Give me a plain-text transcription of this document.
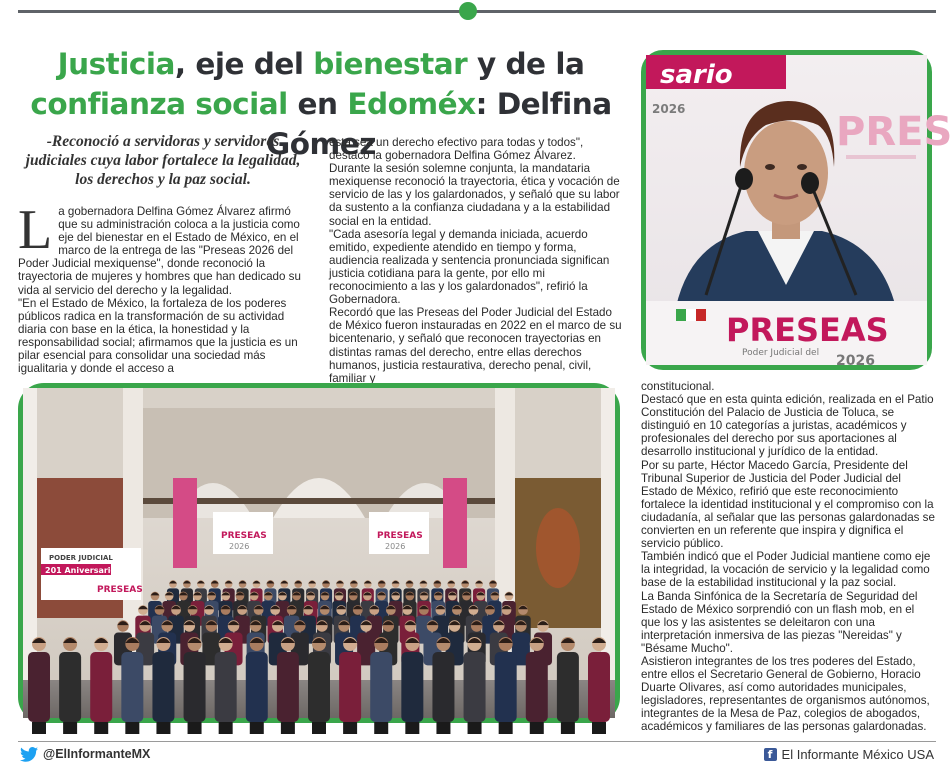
Justicia, eje del bienestar y de la
confianza social en Edoméx: Delfina Gómez
-Reconoció a servidoras y servidores judiciales cuya labor fortalece la legalidad, los derechos y la paz social.
L a gobernadora Delfina Gómez Álvarez afirmó que su administración coloca a la justicia como eje del bienestar en el Estado de México, en el marco de la entrega de las "Preseas 2026 del Poder Judicial mexiquense", donde reconoció la trayectoria de mujeres y hombres que han dedicado su vida al servicio del derecho y la legalidad.

"En el Estado de México, la fortaleza de los poderes públicos radica en la transformación de su actividad diaria con base en la ética, la honestidad y la responsabilidad social; afirmamos que la justicia es un pilar esencial para consolidar una sociedad más igualitaria y donde el acceso a

esta sea un derecho efectivo para todas y todos", destacó la gobernadora Delfina Gómez Álvarez.

Durante la sesión solemne conjunta, la mandataria mexiquense reconoció la trayectoria, ética y vocación de servicio de las y los galardonados, y señaló que su labor da sustento a la confianza ciudadana y a la estabilidad social en la entidad.

"Cada asesoría legal y demanda iniciada, acuerdo emitido, expediente atendido en tiempo y forma, audiencia realizada y sentencia pronunciada significan justicia cotidiana para la gente, por ello mi reconocimiento a las y los galardonados", refirió la Gobernadora.

Recordó que las Preseas del Poder Judicial del Estado de México fueron instauradas en 2022 en el marco de su bicentenario, y señaló que reconocen trayectorias en distintas ramas del derecho, entre ellas derechos humanos, justicia restaurativa, derecho penal, civil, familiar y

constitucional.

Destacó que en esta quinta edición, realizada en el Patio Constitución del Palacio de Justicia de Toluca, se distinguió en 10 categorías a juristas, académicos y profesionales del derecho por sus aportaciones al desarrollo institucional y jurídico de la entidad.

Por su parte, Héctor Macedo García, Presidente del Tribunal Superior de Justicia del Poder Judicial del Estado de México, refirió que este reconocimiento fortalece la identidad institucional y el compromiso con la ciudadanía, al señalar que las personas galardonadas se convierten en un referente que inspira y dignifica el servicio público.

También indicó que el Poder Judicial mantiene como eje la integridad, la vocación de servicio y la legalidad como base de la estabilidad institucional y la paz social.

La Banda Sinfónica de la Secretaría de Seguridad del Estado de México sorprendió con un flash mob, en el que los y las asistentes se deleitaron con una interpretación inmersiva de las piezas "Nereidas" y "Bésame Mucho".

Asistieron integrantes de los tres poderes del Estado, entre ellos el Secretario General de Gobierno, Horacio Duarte Olivares, así como autoridades municipales, legisladores, representantes de organismos autónomos, integrantes de la Mesa de Paz, colegios de abogados, académicos y familiares de las personas galardonadas.

sario
2026	PRES
PRESEAS
Poder Judicial del 2026
PRESEAS
2026
PRESEAS
2026
PODER JUDICIAL
201 Aniversario
PRESEAS
@ElInformanteMX	f El Informante México USA
